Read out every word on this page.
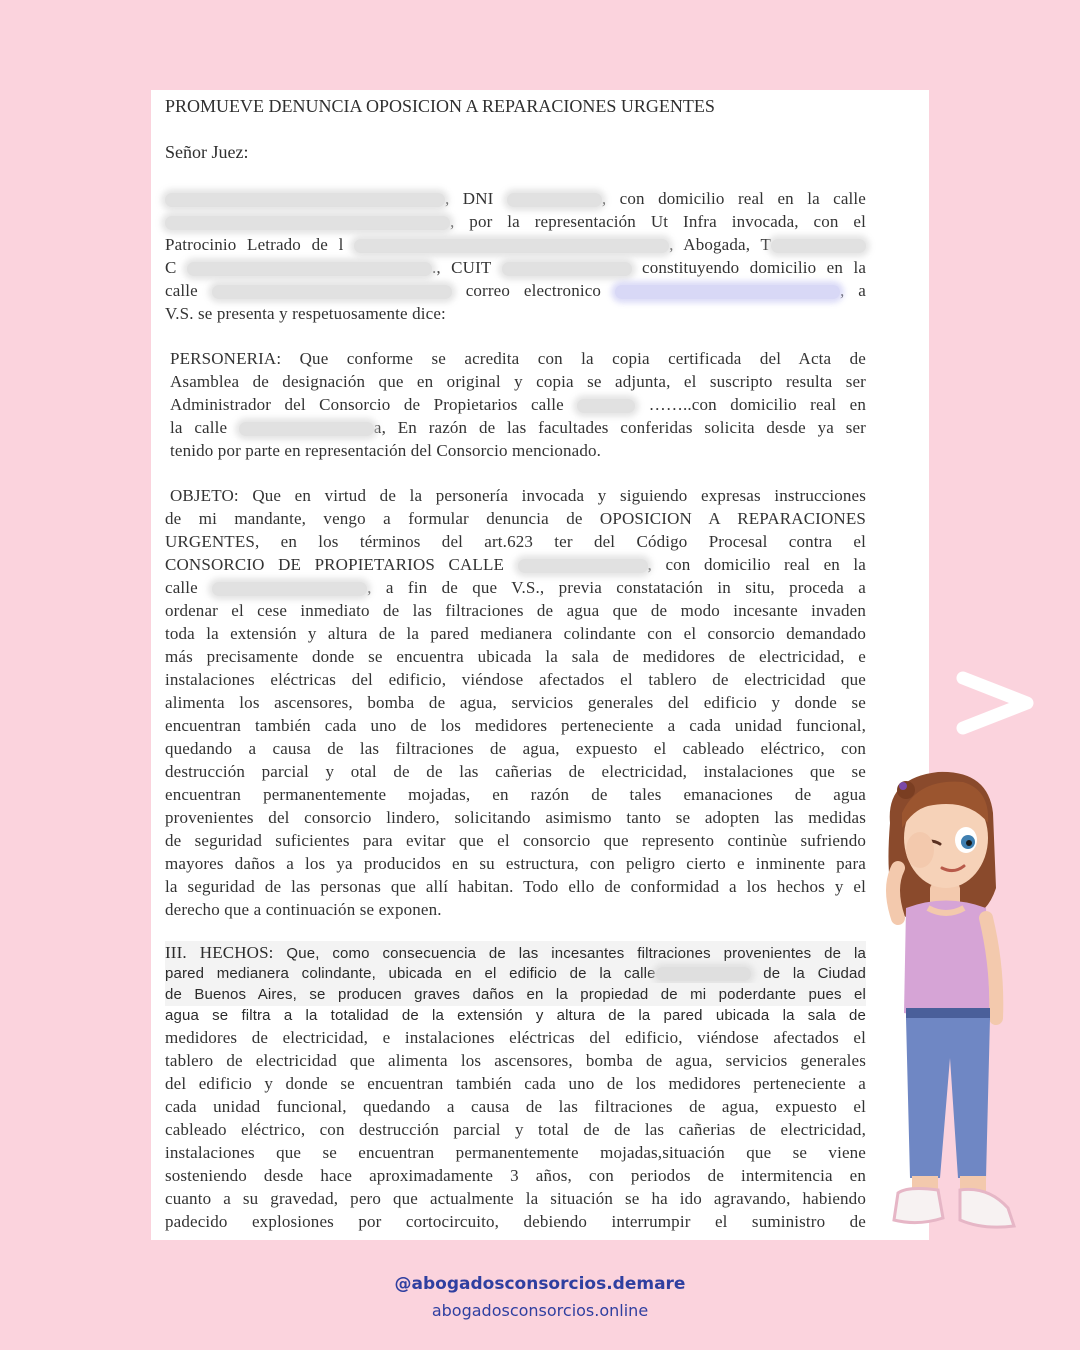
PROMUEVE DENUNCIA OPOSICION A REPARACIONES URGENTES
Señor Juez:
, DNI	, con domicilio real en la calle
, por la representación Ut Infra invocada, con el
Patrocinio Letrado de l	, Abogada, T
C	., CUIT	constituyendo domicilio en la
calle	correo electronico	, a
V.S. se presenta y respetuosamente dice:
PERSONERIA: Que conforme se acredita con la copia certificada del Acta de
Asamblea de designación que en original y copia se adjunta, el suscripto resulta ser
Administrador del Consorcio de Propietarios calle	……..con domicilio real en
la calle	a, En razón de las facultades conferidas solicita desde ya ser
tenido por parte en representación del Consorcio mencionado.
OBJETO: Que en virtud de la personería invocada y siguiendo expresas instrucciones
de mi mandante, vengo a formular denuncia de OPOSICION A REPARACIONES
URGENTES, en los términos del art.623 ter del Código Procesal contra el
CONSORCIO DE PROPIETARIOS CALLE	, con domicilio real en la
calle	, a fin de que V.S., previa constatación in situ, proceda a
ordenar el cese inmediato de las filtraciones de agua que de modo incesante invaden
toda la extensión y altura de la pared medianera colindante con el consorcio demandado
más precisamente donde se encuentra ubicada la sala de medidores de electricidad, e
instalaciones eléctricas del edificio, viéndose afectados el tablero de electricidad que
alimenta los ascensores, bomba de agua, servicios generales del edificio y donde se
encuentran también cada uno de los medidores perteneciente a cada unidad funcional,
quedando a causa de las filtraciones de agua, expuesto el cableado eléctrico, con
destrucción parcial y otal de de las cañerias de electricidad, instalaciones que se
encuentran permanentemente mojadas, en razón de tales emanaciones de agua
provenientes del consorcio lindero, solicitando asimismo tanto se adopten las medidas
de seguridad suficientes para evitar que el consorcio que represento continùe sufriendo
mayores daños a los ya producidos en su estructura, con peligro cierto e inminente para
la seguridad de las personas que allí habitan. Todo ello de conformidad a los hechos y el
derecho que a continuación se exponen.
III. HECHOS: Que, como consecuencia de las incesantes filtraciones provenientes de la
pared medianera colindante, ubicada en el edificio de la calle	de la Ciudad
de Buenos Aires, se producen graves daños en la propiedad de mi poderdante pues el
agua se filtra a la totalidad de la extensión y altura de la pared ubicada la sala de
medidores de electricidad, e instalaciones eléctricas del edificio, viéndose afectados el
tablero de electricidad que alimenta los ascensores, bomba de agua, servicios generales
del edificio y donde se encuentran también cada uno de los medidores perteneciente a
cada unidad funcional, quedando a causa de las filtraciones de agua, expuesto el
cableado eléctrico, con destrucción parcial y total de de las cañerias de electricidad,
instalaciones que se encuentran permanentemente mojadas,situación que se viene
sosteniendo desde hace aproximadamente 3 años, con periodos de intermitencia en
cuanto a su gravedad, pero que actualmente la situación se ha ido agravando, habiendo
padecido explosiones por cortocircuito, debiendo interrumpir el suministro de
@abogadosconsorcios.demare
abogadosconsorcios.online
